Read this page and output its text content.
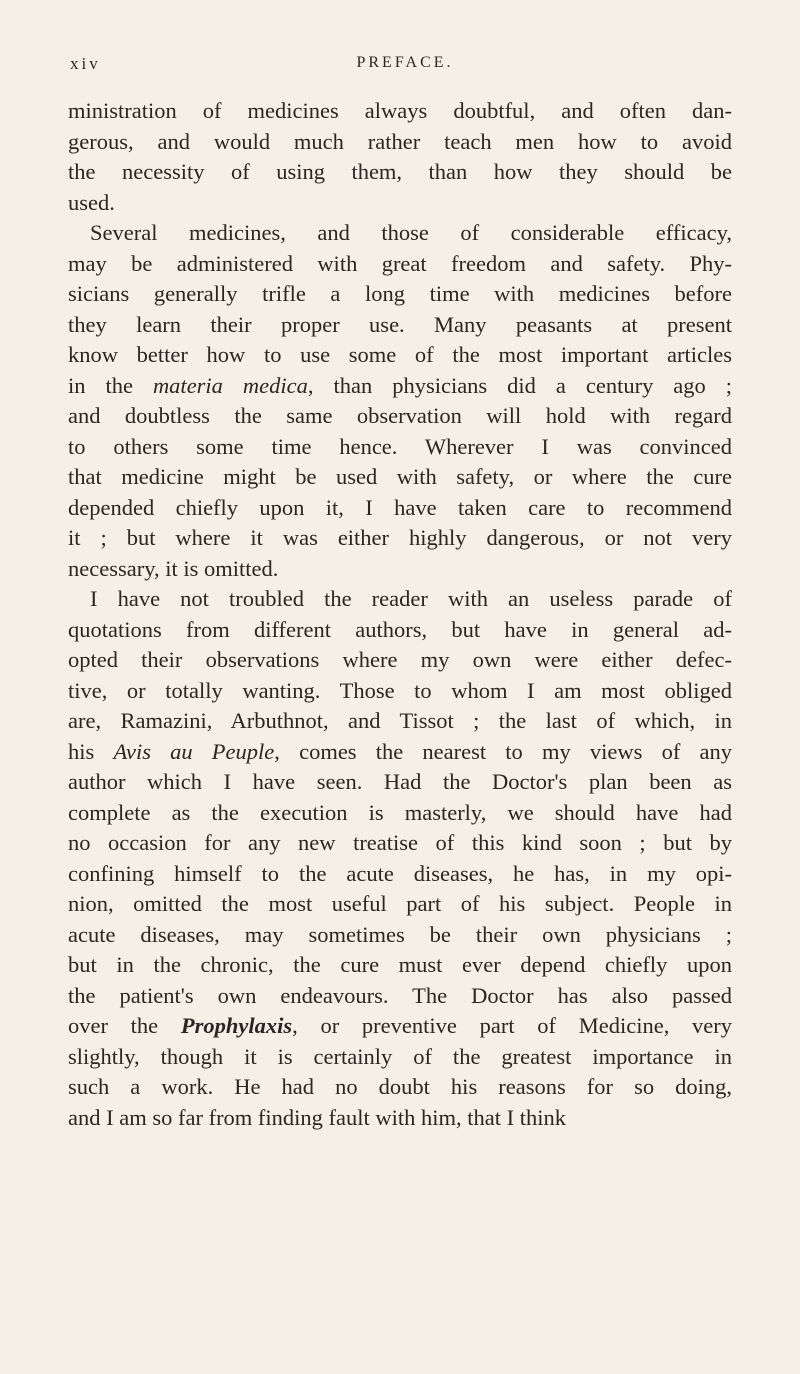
xiv	PREFACE.
ministration of medicines always doubtful, and often dan-
gerous, and would much rather teach men how to avoid
the necessity of using them, than how they should be
used.
Several medicines, and those of considerable efficacy,
may be administered with great freedom and safety. Phy-
sicians generally trifle a long time with medicines before
they learn their proper use. Many peasants at present
know better how to use some of the most important articles
in the materia medica, than physicians did a century ago ;
and doubtless the same observation will hold with regard
to others some time hence. Wherever I was convinced
that medicine might be used with safety, or where the cure
depended chiefly upon it, I have taken care to recommend
it ; but where it was either highly dangerous, or not very
necessary, it is omitted.
I have not troubled the reader with an useless parade of
quotations from different authors, but have in general ad-
opted their observations where my own were either defec-
tive, or totally wanting. Those to whom I am most obliged
are, Ramazini, Arbuthnot, and Tissot ; the last of which, in
his Avis au Peuple, comes the nearest to my views of any
author which I have seen. Had the Doctor's plan been as
complete as the execution is masterly, we should have had
no occasion for any new treatise of this kind soon ; but by
confining himself to the acute diseases, he has, in my opi-
nion, omitted the most useful part of his subject. People in
acute diseases, may sometimes be their own physicians ;
but in the chronic, the cure must ever depend chiefly upon
the patient's own endeavours. The Doctor has also passed
over the Prophylaxis, or preventive part of Medicine, very
slightly, though it is certainly of the greatest importance in
such a work. He had no doubt his reasons for so doing,
and I am so far from finding fault with him, that I think
